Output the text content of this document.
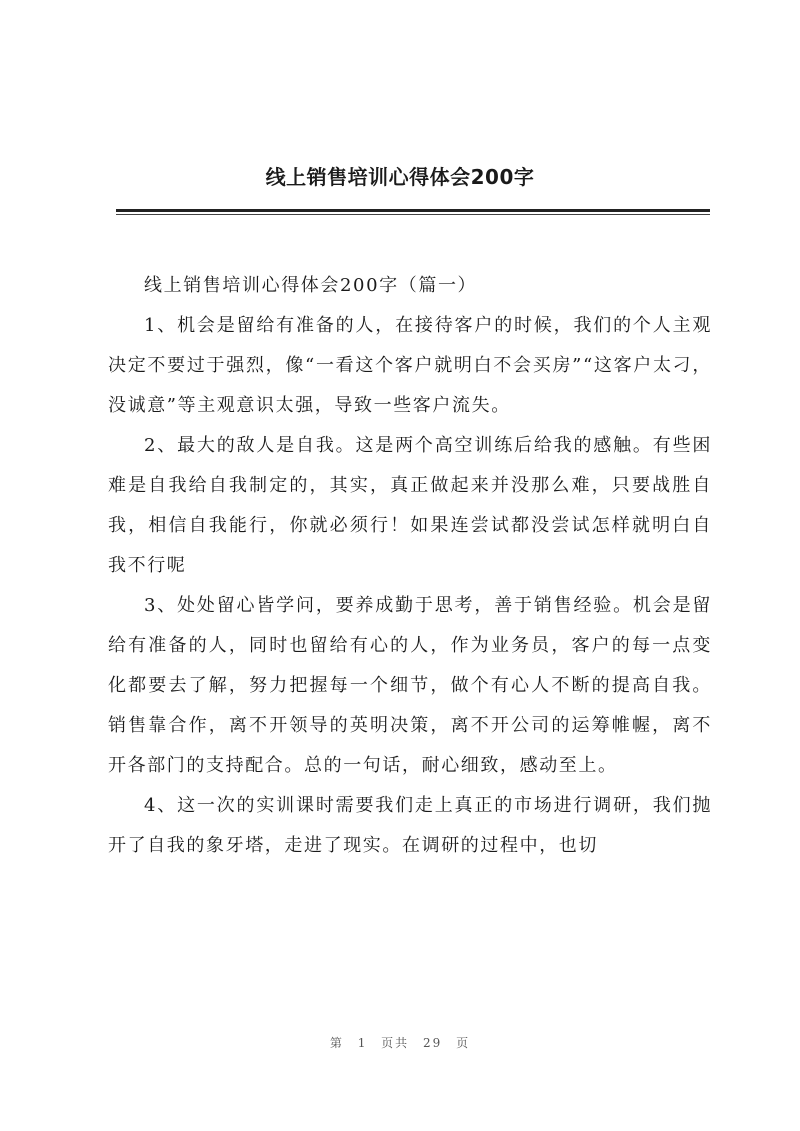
线上销售培训心得体会200字

线上销售培训心得体会200字（篇一）

1、机会是留给有准备的人，在接待客户的时候，我们的个人主观决定不要过于强烈，像“一看这个客户就明白不会买房”“这客户太刁，没诚意”等主观意识太强，导致一些客户流失。

2、最大的敌人是自我。这是两个高空训练后给我的感触。有些困难是自我给自我制定的，其实，真正做起来并没那么难，只要战胜自我，相信自我能行，你就必须行！如果连尝试都没尝试怎样就明白自我不行呢

3、处处留心皆学问，要养成勤于思考，善于销售经验。机会是留给有准备的人，同时也留给有心的人，作为业务员，客户的每一点变化都要去了解，努力把握每一个细节，做个有心人不断的提高自我。销售靠合作，离不开领导的英明决策，离不开公司的运筹帷幄，离不开各部门的支持配合。总的一句话，耐心细致，感动至上。

4、这一次的实训课时需要我们走上真正的市场进行调研，我们抛开了自我的象牙塔，走进了现实。在调研的过程中，也切

第 1 页共 29 页
